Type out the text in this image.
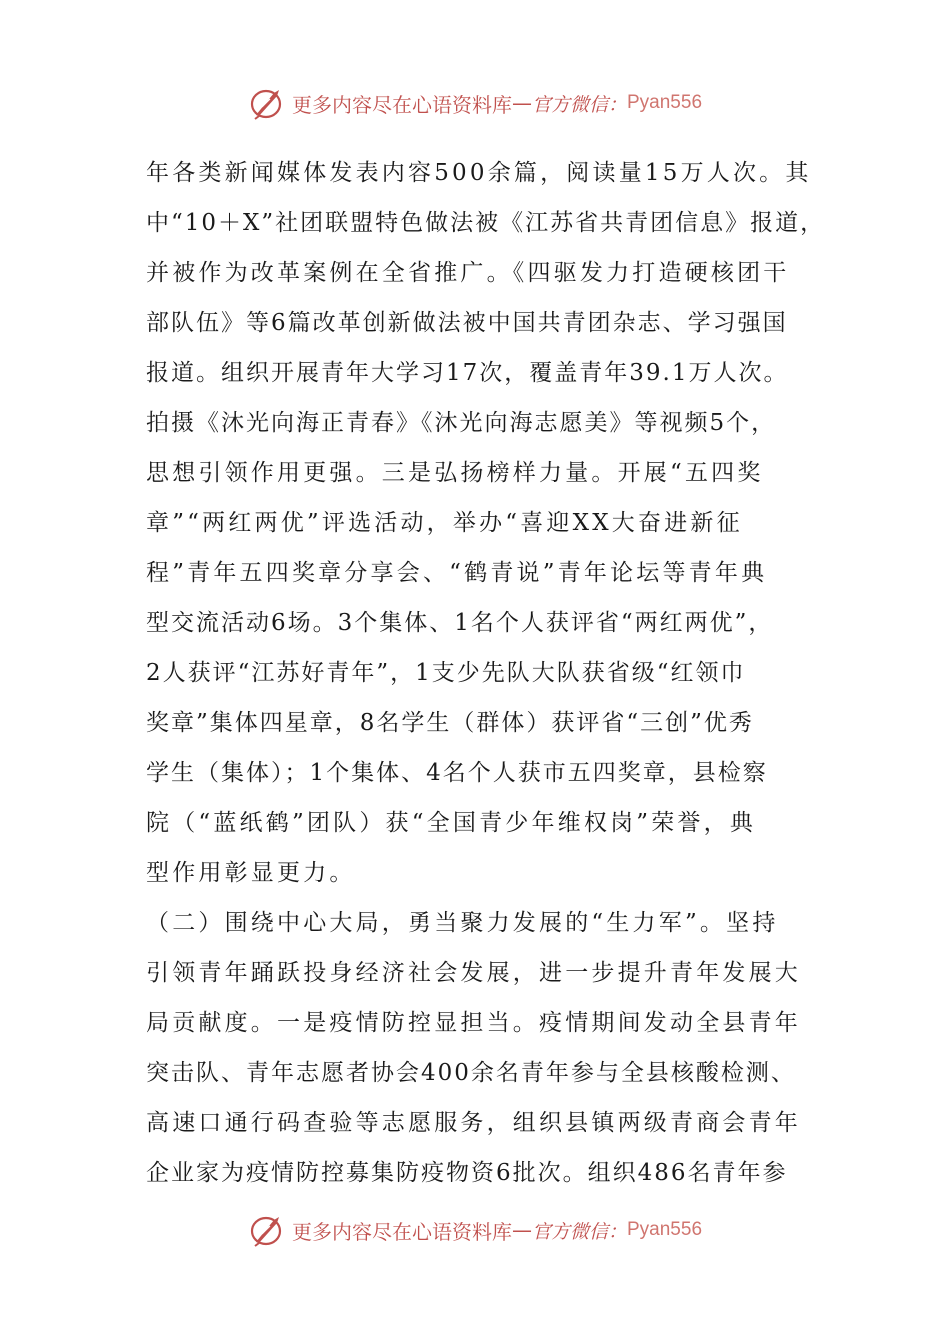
更多内容尽在心语资料库 — 官方微信： Pyan556
年各类新闻媒体发表内容500余篇，阅读量15万人次。其
中“10＋X”社团联盟特色做法被《江苏省共青团信息》报道，
并被作为改革案例在全省推广。《四驱发力打造硬核团干
部队伍》等6篇改革创新做法被中国共青团杂志、学习强国
报道。组织开展青年大学习17次，覆盖青年39.1万人次。
拍摄《沐光向海正青春》《沐光向海志愿美》等视频5个，
思想引领作用更强。三是弘扬榜样力量。开展“五四奖
章”“两红两优”评选活动，举办“喜迎XX大奋进新征
程”青年五四奖章分享会、“鹤青说”青年论坛等青年典
型交流活动6场。3个集体、1名个人获评省“两红两优”，
2人获评“江苏好青年”，1支少先队大队获省级“红领巾
奖章”集体四星章，8名学生（群体）获评省“三创”优秀
学生（集体）；1个集体、4名个人获市五四奖章，县检察
院（“蓝纸鹤”团队）获“全国青少年维权岗”荣誉，典
型作用彰显更力。
（二）围绕中心大局，勇当聚力发展的“生力军”。坚持
引领青年踊跃投身经济社会发展，进一步提升青年发展大
局贡献度。一是疫情防控显担当。疫情期间发动全县青年
突击队、青年志愿者协会400余名青年参与全县核酸检测、
高速口通行码查验等志愿服务，组织县镇两级青商会青年
企业家为疫情防控募集防疫物资6批次。组织486名青年参
更多内容尽在心语资料库 — 官方微信： Pyan556
